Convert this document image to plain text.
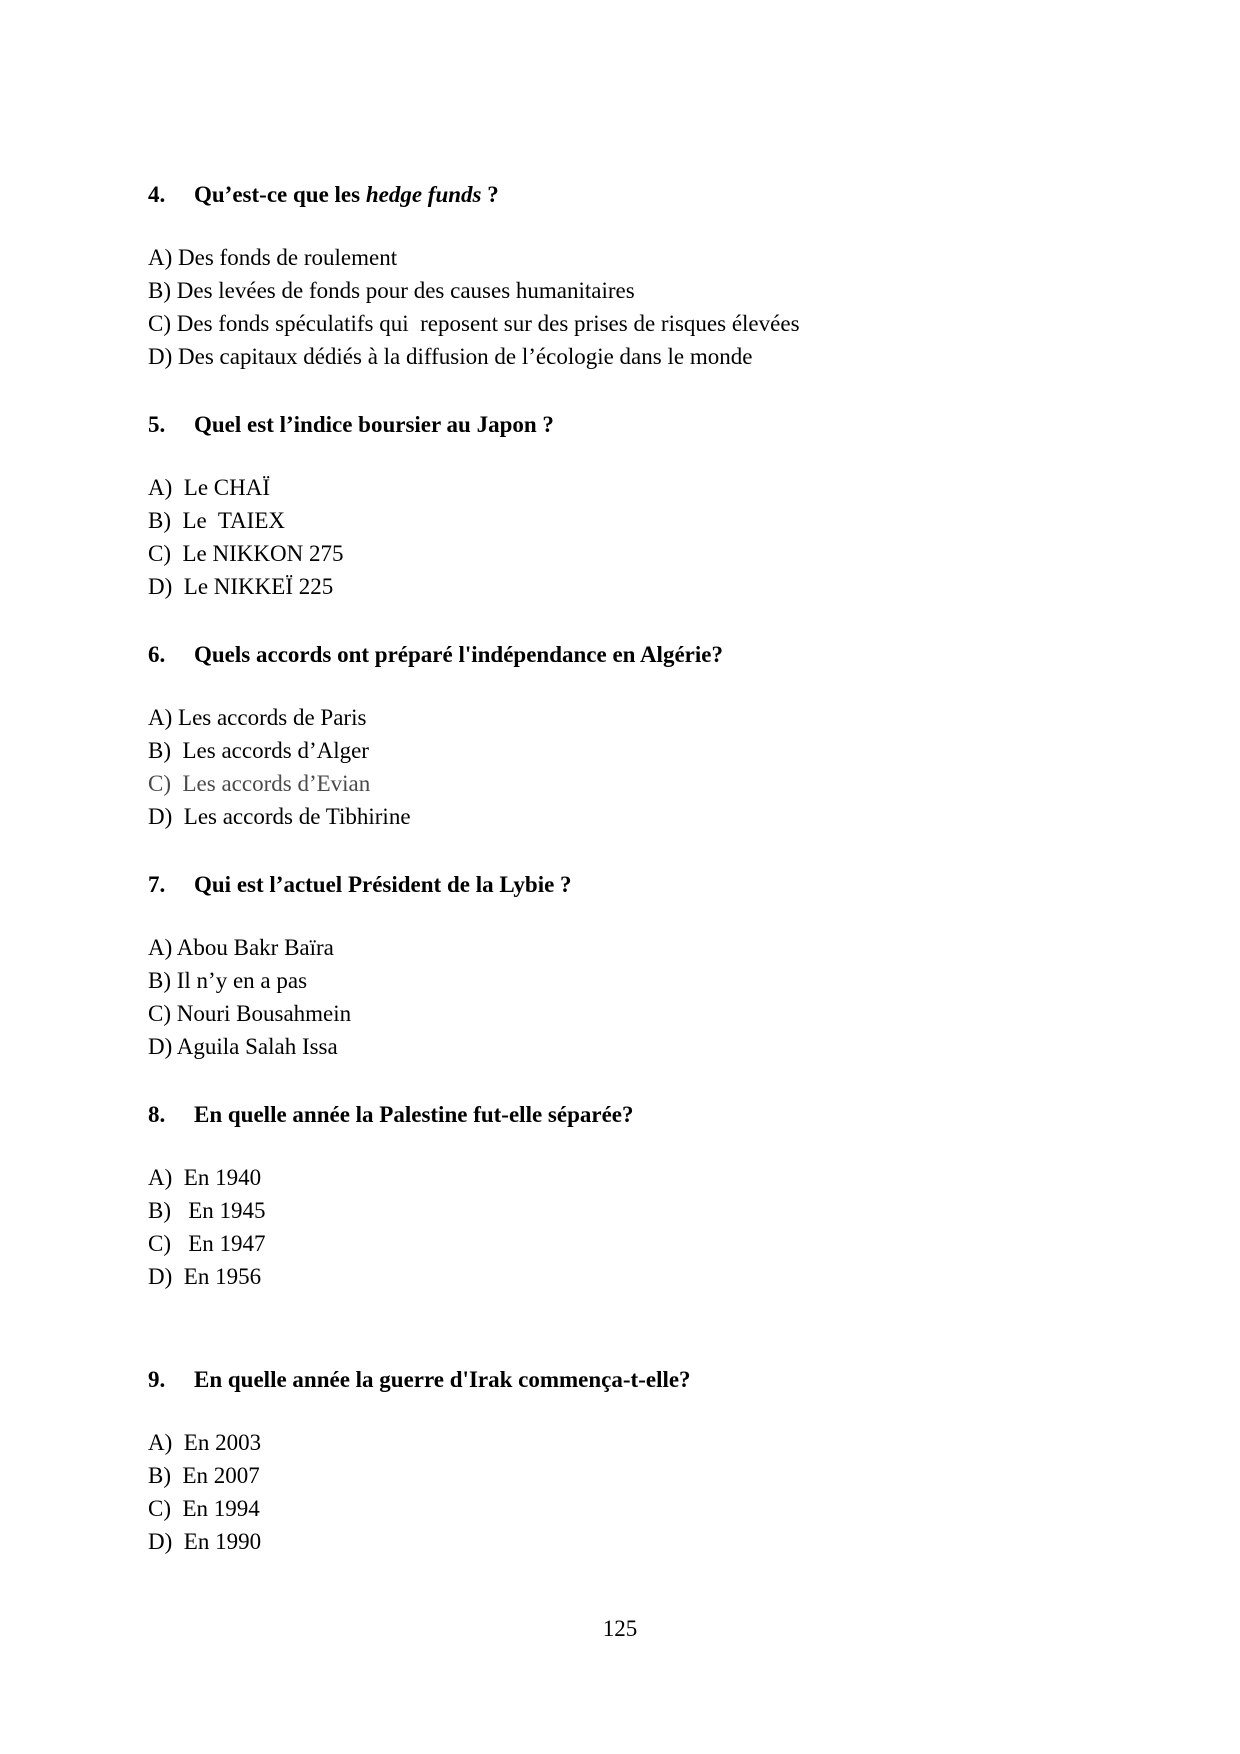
4. Qu’est-ce que les hedge funds ?

A) Des fonds de roulement
B) Des levées de fonds pour des causes humanitaires
C) Des fonds spéculatifs qui  reposent sur des prises de risques élevées
D) Des capitaux dédiés à la diffusion de l’écologie dans le monde

5. Quel est l’indice boursier au Japon ?

A)  Le CHAÏ
B)  Le  TAIEX
C)  Le NIKKON 275
D)  Le NIKKEÏ 225

6. Quels accords ont préparé l'indépendance en Algérie?

A) Les accords de Paris
B)  Les accords d’Alger
C)  Les accords d’Evian
D)  Les accords de Tibhirine

7. Qui est l’actuel Président de la Lybie ?

A) Abou Bakr Baïra
B) Il n’y en a pas
C) Nouri Bousahmein
D) Aguila Salah Issa

8. En quelle année la Palestine fut-elle séparée?

A)  En 1940
B)   En 1945
C)   En 1947
D)  En 1956

9. En quelle année la guerre d'Irak commença-t-elle?

A)  En 2003
B)  En 2007
C)  En 1994
D)  En 1990
125
